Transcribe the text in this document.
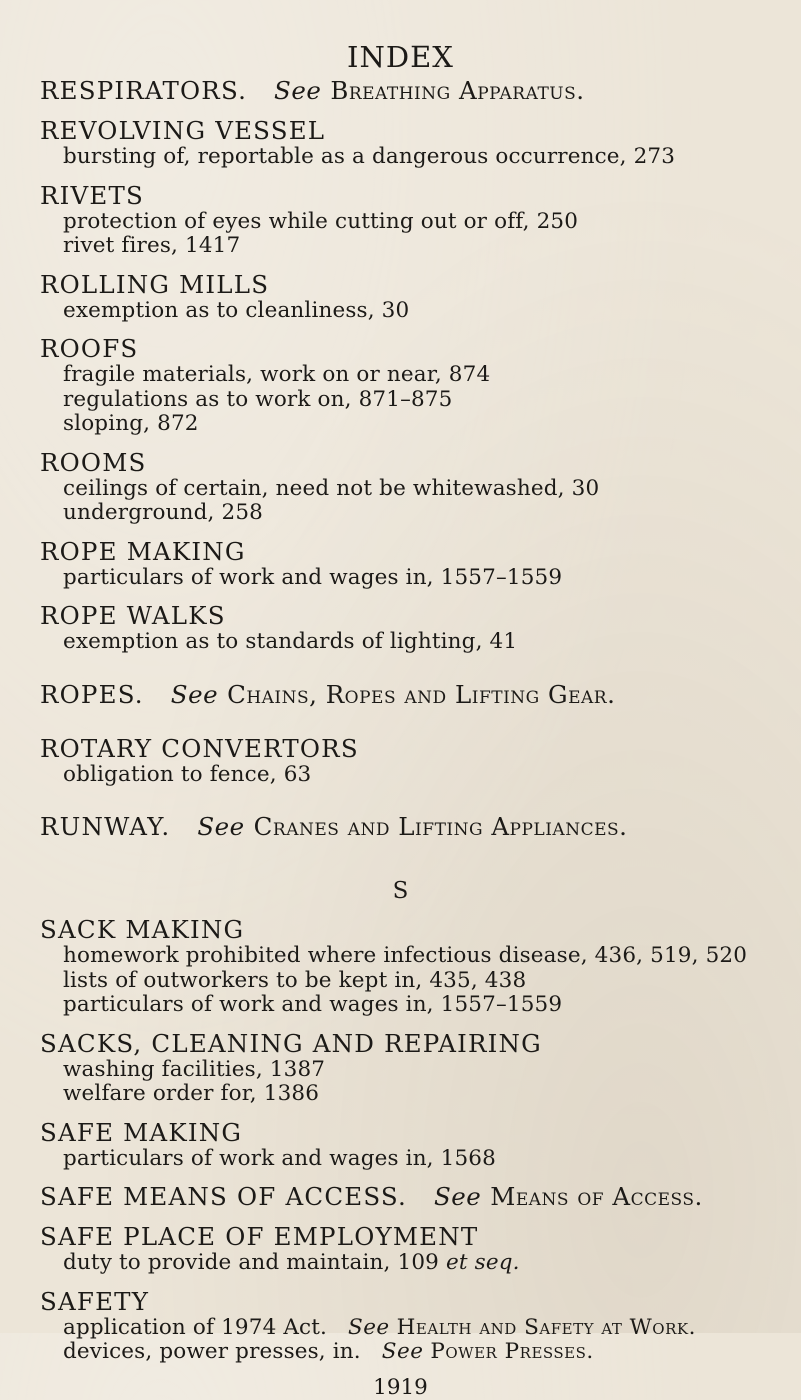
INDEX
RESPIRATORS. See Breathing Apparatus.
REVOLVING VESSEL
bursting of, reportable as a dangerous occurrence, 273
RIVETS
protection of eyes while cutting out or off, 250
rivet fires, 1417
ROLLING MILLS
exemption as to cleanliness, 30
ROOFS
fragile materials, work on or near, 874
regulations as to work on, 871–875
sloping, 872
ROOMS
ceilings of certain, need not be whitewashed, 30
underground, 258
ROPE MAKING
particulars of work and wages in, 1557–1559
ROPE WALKS
exemption as to standards of lighting, 41
ROPES. See Chains, Ropes and Lifting Gear.
ROTARY CONVERTORS
obligation to fence, 63
RUNWAY. See Cranes and Lifting Appliances.
S
SACK MAKING
homework prohibited where infectious disease, 436, 519, 520
lists of outworkers to be kept in, 435, 438
particulars of work and wages in, 1557–1559
SACKS, CLEANING AND REPAIRING
washing facilities, 1387
welfare order for, 1386
SAFE MAKING
particulars of work and wages in, 1568
SAFE MEANS OF ACCESS. See Means of Access.
SAFE PLACE OF EMPLOYMENT
duty to provide and maintain, 109 et seq.
SAFETY
application of 1974 Act. See Health and Safety at Work.
devices, power presses, in. See Power Presses.
1919
